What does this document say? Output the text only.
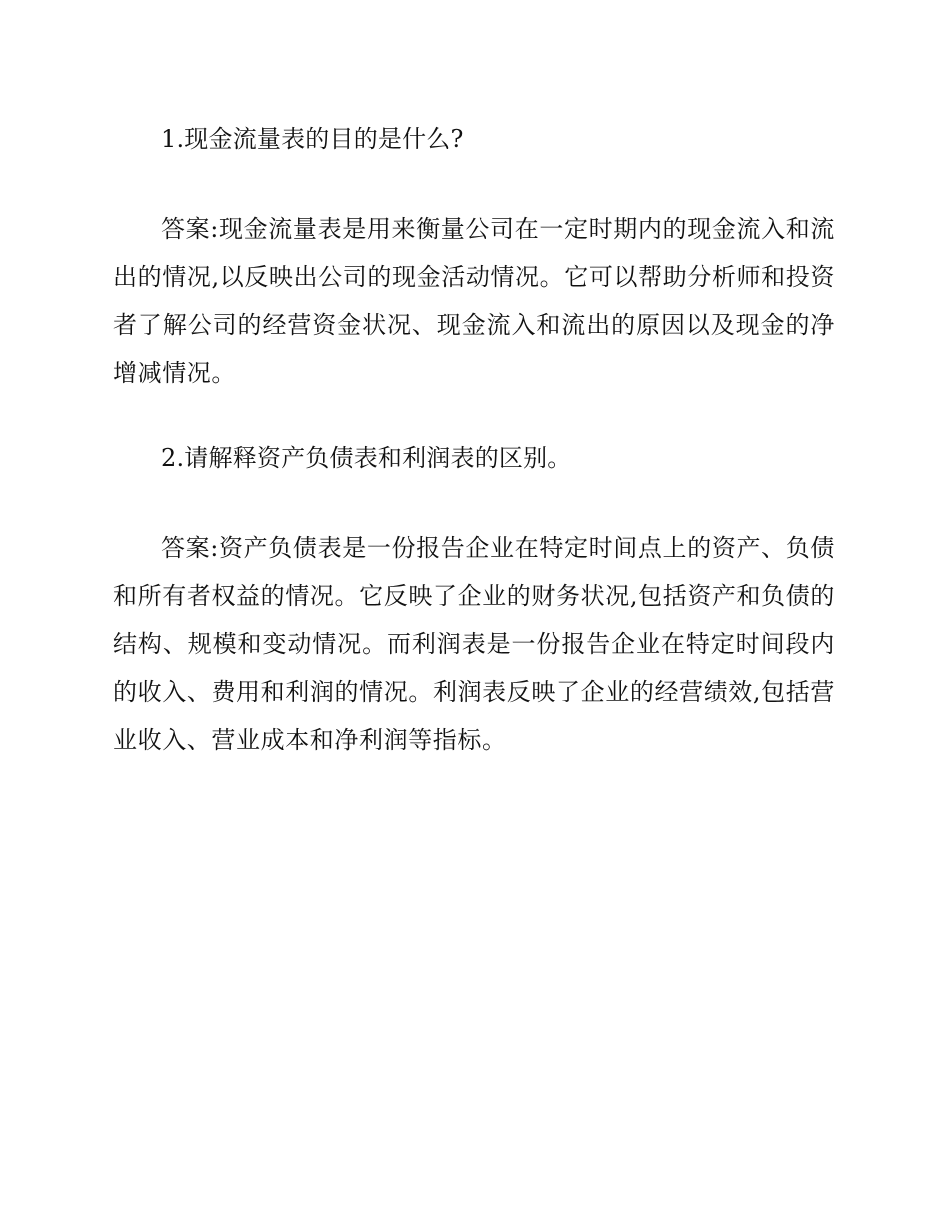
1.现金流量表的目的是什么?

答案:现金流量表是用来衡量公司在一定时期内的现金流入和流出的情况,以反映出公司的现金活动情况。它可以帮助分析师和投资者了解公司的经营资金状况、现金流入和流出的原因以及现金的净增减情况。

2.请解释资产负债表和利润表的区别。

答案:资产负债表是一份报告企业在特定时间点上的资产、负债和所有者权益的情况。它反映了企业的财务状况,包括资产和负债的结构、规模和变动情况。而利润表是一份报告企业在特定时间段内的收入、费用和利润的情况。利润表反映了企业的经营绩效,包括营业收入、营业成本和净利润等指标。
